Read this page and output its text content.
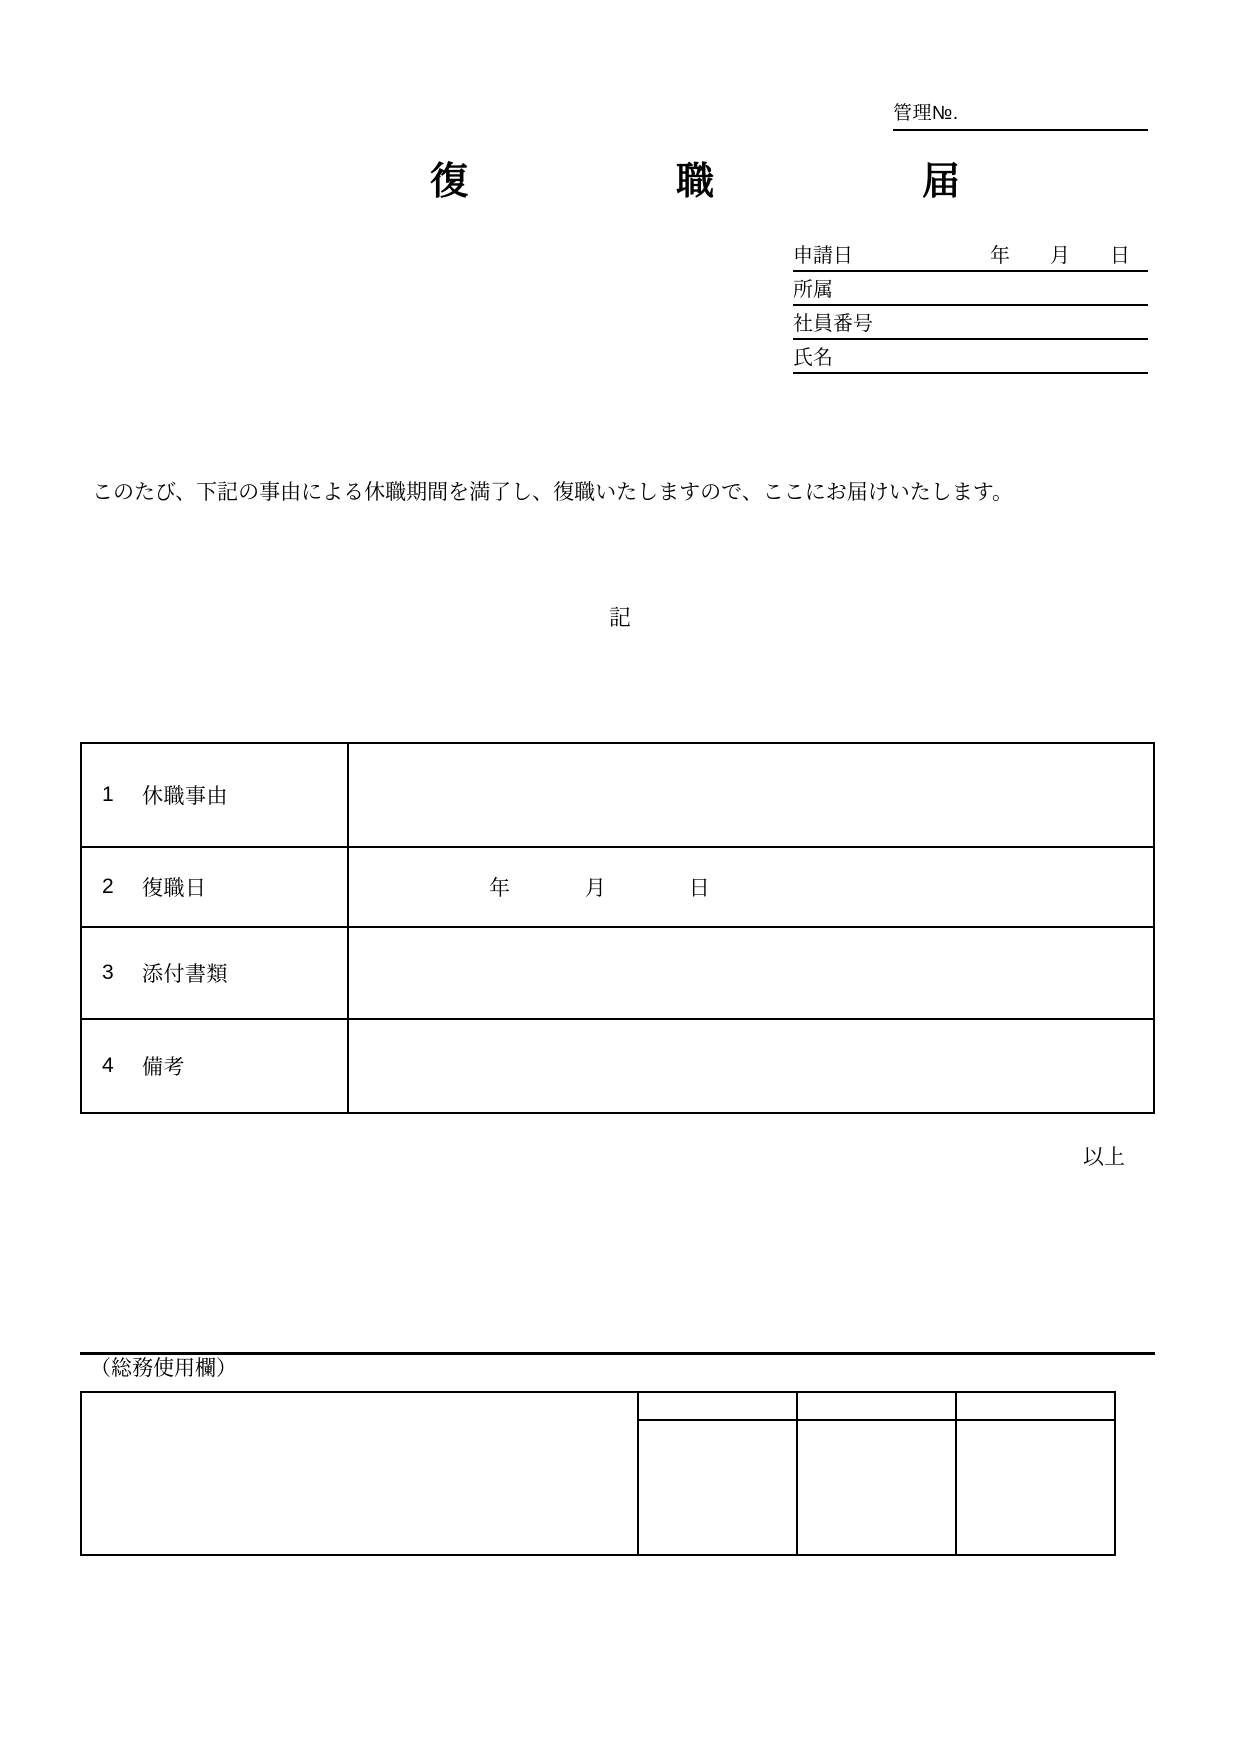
管理№.
復　　職　　届
申請日	年	月	日
所属
社員番号
氏名
このたび、下記の事由による休職期間を満了し、復職いたしますので、ここにお届けいたします。
記
1 休職事由	

2 復職日	年 月 日

3 添付書類	

4 備考	

以上
（総務使用欄）
